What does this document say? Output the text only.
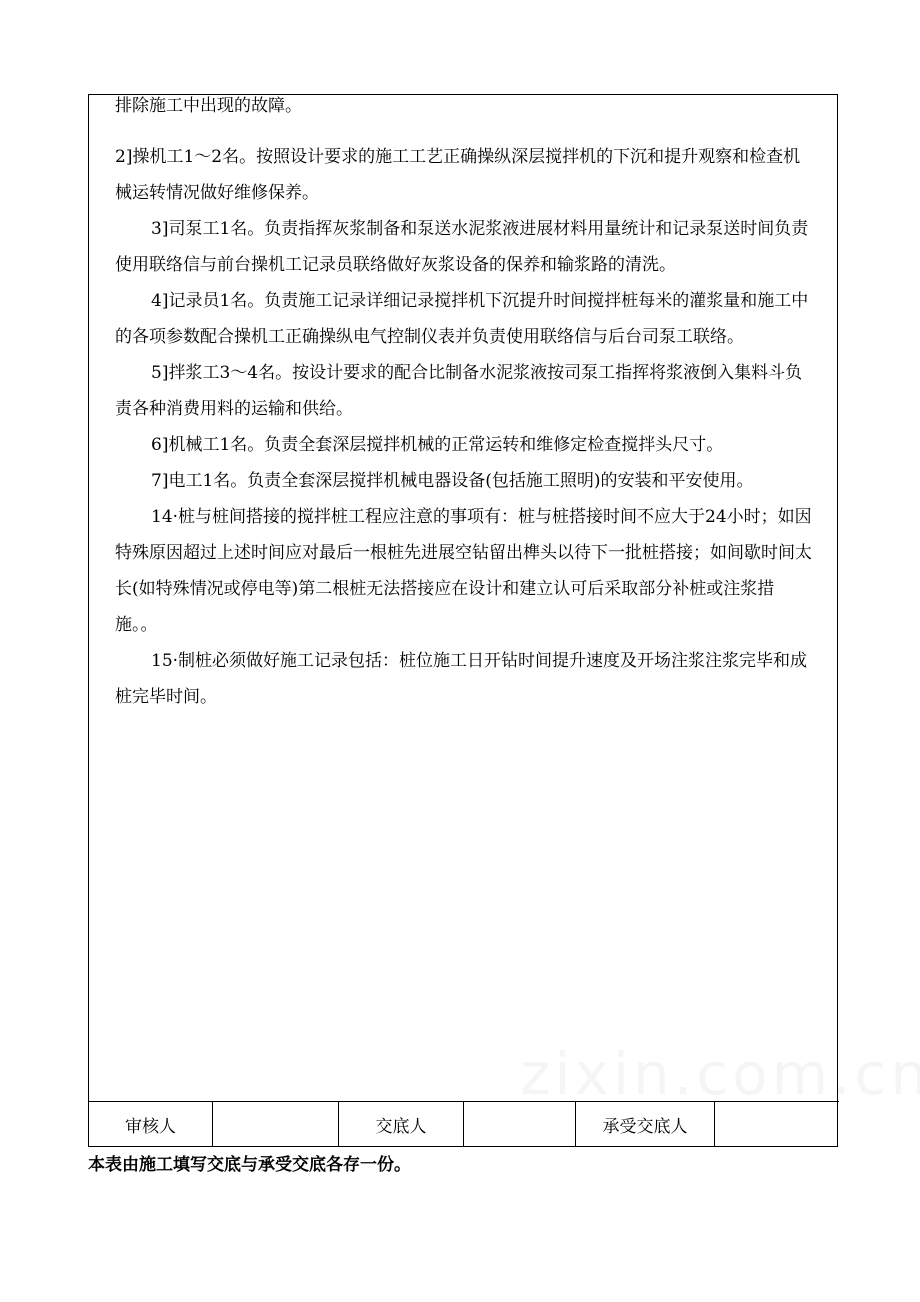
排除施工中出现的故障。

2]操机工1～2名。按照设计要求的施工工艺正确操纵深层搅拌机的下沉和提升观察和检查机械运转情况做好维修保养。

3]司泵工1名。负责指挥灰浆制备和泵送水泥浆液进展材料用量统计和记录泵送时间负责使用联络信与前台操机工记录员联络做好灰浆设备的保养和输浆路的清洗。

4]记录员1名。负责施工记录详细记录搅拌机下沉提升时间搅拌桩每米的灌浆量和施工中的各项参数配合操机工正确操纵电气控制仪表并负责使用联络信与后台司泵工联络。

5]拌浆工3～4名。按设计要求的配合比制备水泥浆液按司泵工指挥将浆液倒入集料斗负责各种消费用料的运输和供给。

6]机械工1名。负责全套深层搅拌机械的正常运转和维修定检查搅拌头尺寸。

7]电工1名。负责全套深层搅拌机械电器设备(包括施工照明)的安装和平安使用。

14·桩与桩间搭接的搅拌桩工程应注意的事项有：桩与桩搭接时间不应大于24小时；如因特殊原因超过上述时间应对最后一根桩先进展空钻留出榫头以待下一批桩搭接；如间歇时间太长(如特殊情况或停电等)第二根桩无法搭接应在设计和建立认可后采取部分补桩或注浆措施。。

15·制桩必须做好施工记录包括：桩位施工日开钻时间提升速度及开场注浆注浆完毕和成桩完毕时间。

审核人	交底人	承受交底人
本表由施工填写交底与承受交底各存一份。
